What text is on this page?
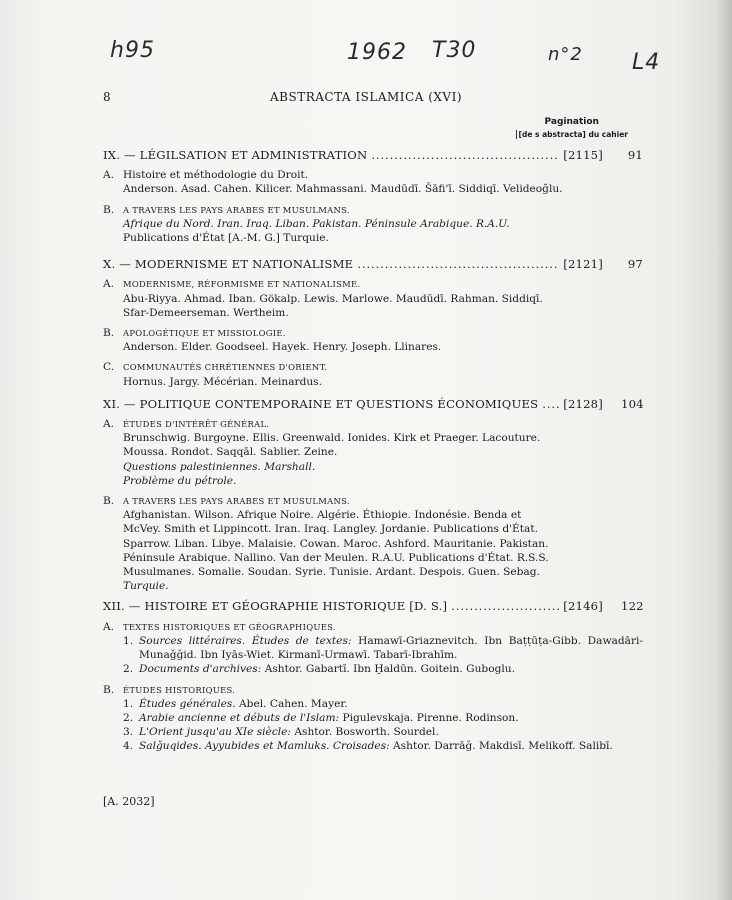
h95	1962 T30	n°2 L4
8	ABSTRACTA ISLAMICA (XVI)
Pagination
[de s abstracta] du cahier
IX. — LÉGILSATION ET ADMINISTRATION . . .	[2115]	91
A. Histoire et méthodologie du Droit.
Anderson. Asad. Cahen. Kilicer. Mahmassani. Maudūdī. Šāfi'ī. Siddiqī. Velideoğlu.
B.	A TRAVERS LES PAYS ARABES ET MUSULMANS.
Afrique du Nord. Iran. Iraq. Liban. Pakistan. Péninsule Arabique. R.A.U.
Publications d'État [A.-M. G.] Turquie.
X. — MODERNISME ET NATIONALISME . . .	[2121]	97
A.	MODERNISME, RÉFORMISME ET NATIONALISME.
Abu-Riyya. Ahmad. Iban. Gökalp. Lewis. Marlowe. Maudūdī. Rahman. Siddiqī.
Sfar-Demeerseman. Wertheim.
B.	APOLOGÉTIQUE ET MISSIOLOGIE.
Anderson. Elder. Goodseel. Hayek. Henry. Joseph. Llinares.
C.	COMMUNAUTÉS CHRÉTIENNES D'ORIENT.
Hornus. Jargy. Mécérian. Meinardus.
XI. — POLITIQUE CONTEMPORAINE ET QUESTIONS ÉCONOMIQUES . . . [2128] 104
A.	ÉTUDES D'INTÉRÊT GÉNÉRAL.
Brunschwig. Burgoyne. Ellis. Greenwald. Ionides. Kirk et Praeger. Lacouture.
Moussa. Rondot. Saqqāl. Sablier. Zeine.
Questions palestiniennes. Marshall.
Problème du pétrole.
B.	A TRAVERS LES PAYS ARABES ET MUSULMANS.
Afghanistan. Wilson. Afrique Noire. Algérie. Éthiopie. Indonésie. Benda et
McVey. Smith et Lippincott. Iran. Iraq. Langley. Jordanie. Publications d'État.
Sparrow. Liban. Libye. Malaisie. Cowan. Maroc. Ashford. Mauritanie. Pakistan.
Péninsule Arabique. Nallino. Van der Meulen. R.A.U. Publications d'État. R.S.S.
Musulmanes. Somalie. Soudan. Syrie. Tunisie. Ardant. Despois. Guen. Sebag.
Turquie.
XII. — HISTOIRE ET GÉOGRAPHIE HISTORIQUE [D. S.] . . .	[2146] 122
A.	TEXTES HISTORIQUES ET GÉOGRAPHIQUES.
1. Sources littéraires. Études de textes: Hamawī-Griaznevitch. Ibn Baṭṭūṭa-Gibb. Dawadāri-Munaǧǧid. Ibn Iyās-Wiet. Kirmanī-Urmawī. Tabarī-Ibrahīm.
2. Documents d'archives: Ashtor. Gabartī. Ibn Ḫaldūn. Goitein. Guboglu.
B.	ÉTUDES HISTORIQUES.
1. Études générales. Abel. Cahen. Mayer.
2. Arabie ancienne et débuts de l'Islam: Pigulevskaja. Pirenne. Rodinson.
3. L'Orient jusqu'au XIe siècle: Ashtor. Bosworth. Sourdel.
4. Salǧuqides. Ayyubides et Mamluks. Croisades: Ashtor. Darrāǧ. Makdisī. Melikoff. Salibī.
[A. 2032]
